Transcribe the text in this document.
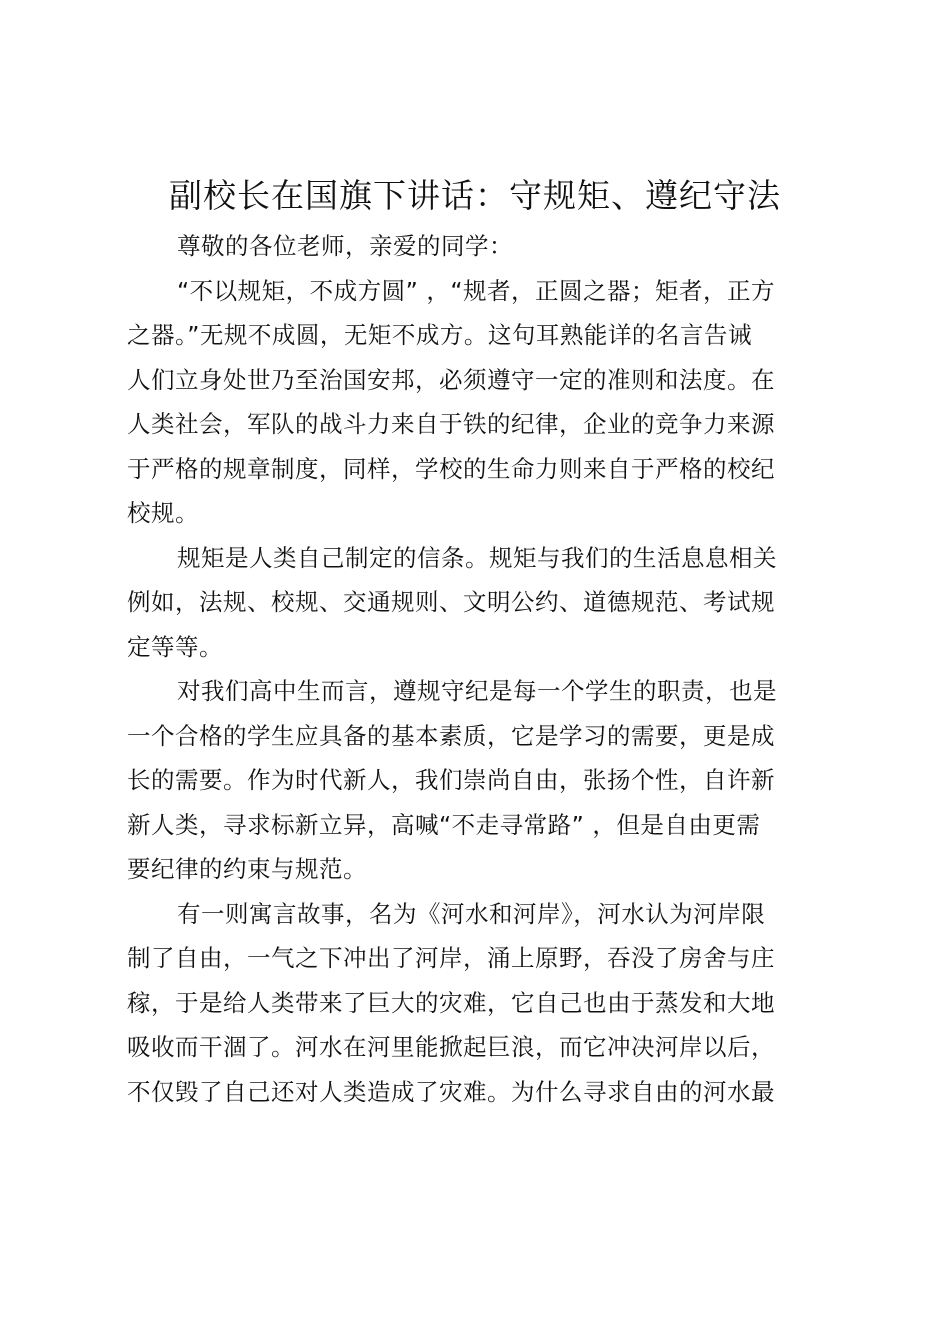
副校长在国旗下讲话：守规矩、遵纪守法
尊敬的各位老师，亲爱的同学：
“不以规矩，不成方圆” ，“规者，正圆之器；矩者，正方
之器。”无规不成圆，无矩不成方。这句耳熟能详的名言告诫
人们立身处世乃至治国安邦，必须遵守一定的准则和法度。在
人类社会，军队的战斗力来自于铁的纪律，企业的竞争力来源
于严格的规章制度，同样，学校的生命力则来自于严格的校纪
校规。
规矩是人类自己制定的信条。规矩与我们的生活息息相关
例如，法规、校规、交通规则、文明公约、道德规范、考试规
定等等。
对我们高中生而言，遵规守纪是每一个学生的职责，也是
一个合格的学生应具备的基本素质，它是学习的需要，更是成
长的需要。作为时代新人，我们崇尚自由，张扬个性，自许新
新人类，寻求标新立异，高喊“不走寻常路” ，但是自由更需
要纪律的约束与规范。
有一则寓言故事，名为《河水和河岸》，河水认为河岸限
制了自由，一气之下冲出了河岸，涌上原野，吞没了房舍与庄
稼，于是给人类带来了巨大的灾难，它自己也由于蒸发和大地
吸收而干涸了。河水在河里能掀起巨浪，而它冲决河岸以后，
不仅毁了自己还对人类造成了灾难。为什么寻求自由的河水最
